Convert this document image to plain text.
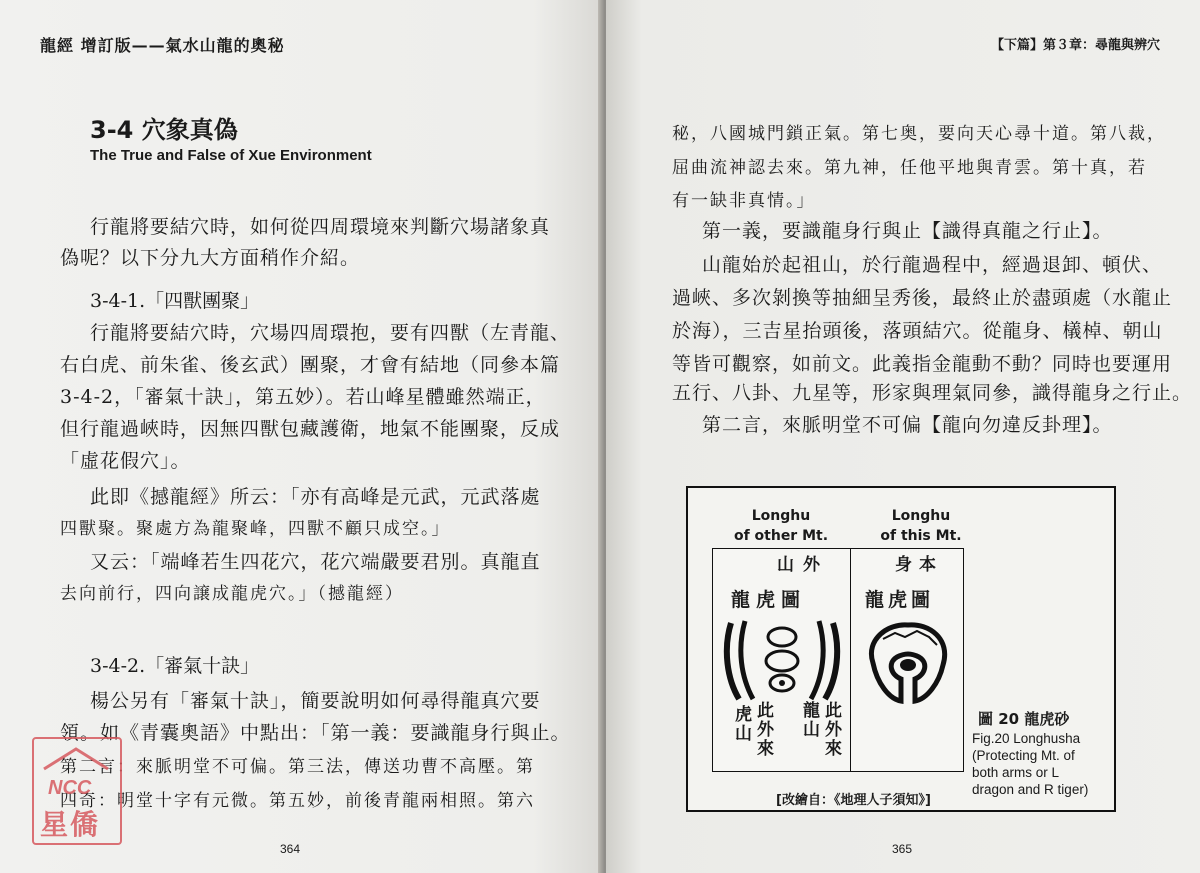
龍經 增訂版——氣水山龍的奧秘
3-4 穴象真偽
The True and False of Xue Environment
行龍將要結穴時，如何從四周環境來判斷穴場諸象真
偽呢？以下分九大方面稍作介紹。
3-4-1.「四獸團聚」
行龍將要結穴時，穴場四周環抱，要有四獸（左青龍、
右白虎、前朱雀、後玄武）團聚，才會有結地（同參本篇
3-4-2，「審氣十訣」，第五妙）。若山峰星體雖然端正，
但行龍過峽時，因無四獸包藏護衛，地氣不能團聚，反成
「虛花假穴」。
此即《撼龍經》所云：「亦有高峰是元武，元武落處
四獸聚。聚處方為龍聚峰，四獸不顧只成空。」
又云：「端峰若生四花穴，花穴端嚴要君別。真龍直
去向前行，四向譲成龍虎穴。」（撼龍經）
3-4-2.「審氣十訣」
楊公另有「審氣十訣」，簡要說明如何尋得龍真穴要
領。如《青囊奧語》中點出：「第一義：要識龍身行與止。
第二言：來脈明堂不可偏。第三法，傳送功曹不高壓。第
四奇：明堂十字有元微。第五妙，前後青龍兩相照。第六
364
NCC
星僑
【下篇】第３章：尋龍與辨穴
秘，八國城門鎖正氣。第七奥，要向天心尋十道。第八裁，
屈曲流神認去來。第九神，任他平地與青雲。第十真，若
有一缺非真情。」
第一義，要識龍身行與止【識得真龍之行止】。
山龍始於起祖山，於行龍過程中，經過退卸、頓伏、
過峽、多次剝換等抽細呈秀後，最終止於盡頭處（水龍止
於海），三吉星抬頭後，落頭結穴。從龍身、檥棹、朝山
等皆可觀察，如前文。此義指金龍動不動？同時也要運用
五行、八卦、九星等，形家與理氣同參，識得龍身之行止。
第二言，來脈明堂不可偏【龍向勿違反卦理】。
Longhu
of other Mt.
Longhu
of this Mt.
外
山
龍虎圖
虎山 此外來 龍山 此外來
本
身
龍虎圖
圖 20 龍虎砂
Fig.20 Longhusha
(Protecting Mt. of
both arms or L
dragon and R tiger)
[改繪自：《地理人子須知》]
365
